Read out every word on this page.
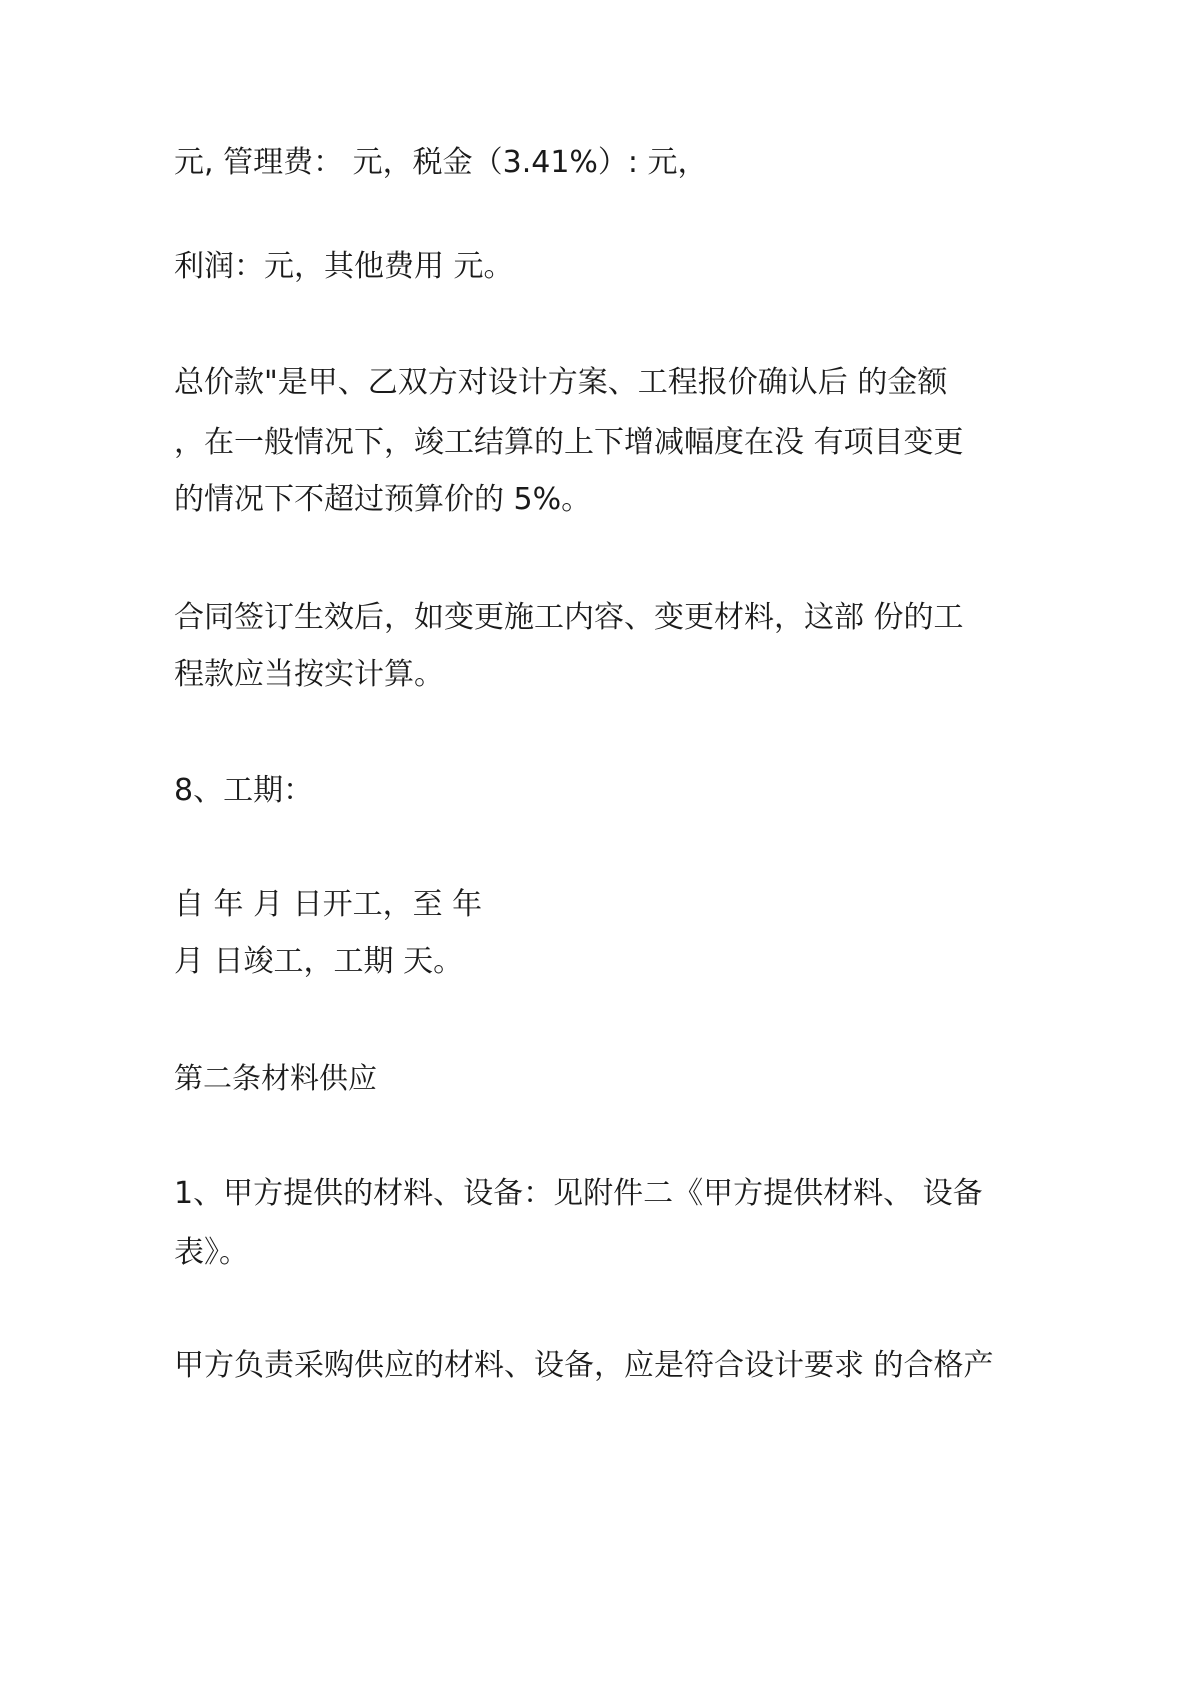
元, 管理费： 元，税金（3.41%）: 元，
利润：元，其他费用 元。
总价款"是甲、乙双方对设计方案、工程报价确认后 的金额
，在一般情况下，竣工结算的上下增减幅度在没 有项目变更
的情况下不超过预算价的 5%。
合同签订生效后，如变更施工内容、变更材料，这部 份的工
程款应当按实计算。
8、工期：
自 年 月 日开工，至 年
月 日竣工，工期 天。
第二条材料供应
1、甲方提供的材料、设备：见附件二《甲方提供材料、 设备
表》。
甲方负责采购供应的材料、设备，应是符合设计要求 的合格产
